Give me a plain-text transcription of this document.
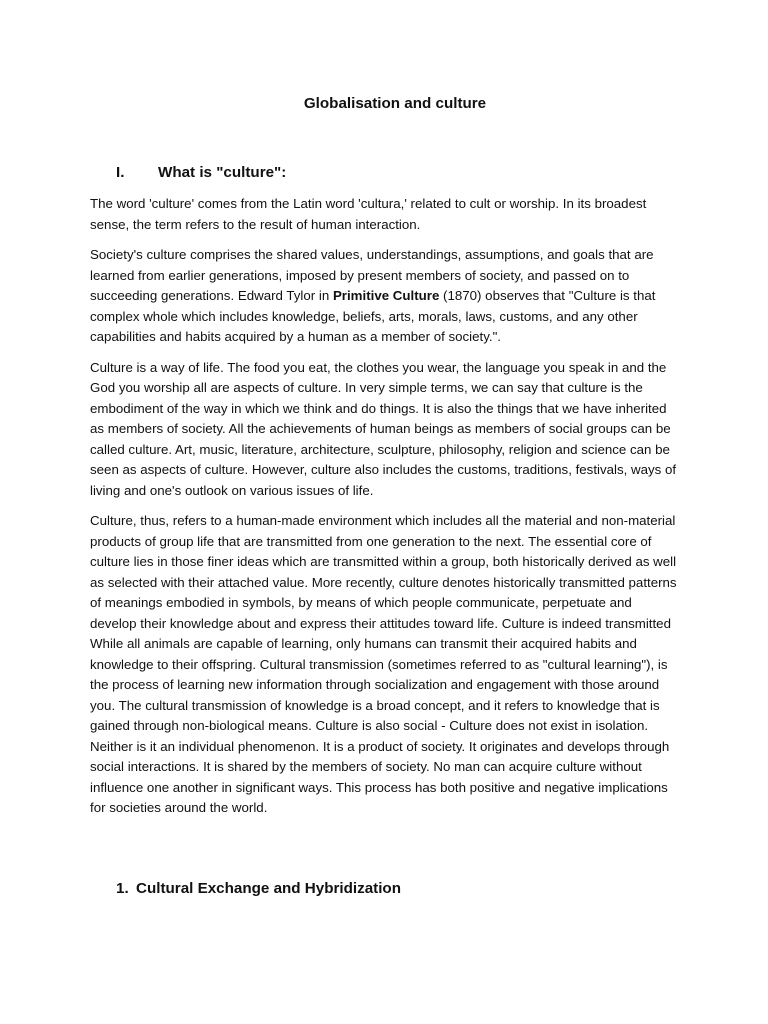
Globalisation and culture
I. What is "culture":

The word 'culture' comes from the Latin word 'cultura,' related to cult or worship. In its broadest sense, the term refers to the result of human interaction.

Society's culture comprises the shared values, understandings, assumptions, and goals that are learned from earlier generations, imposed by present members of society, and passed on to succeeding generations. Edward Tylor in Primitive Culture (1870) observes that "Culture is that complex whole which includes knowledge, beliefs, arts, morals, laws, customs, and any other capabilities and habits acquired by a human as a member of society.".

Culture is a way of life. The food you eat, the clothes you wear, the language you speak in and the God you worship all are aspects of culture. In very simple terms, we can say that culture is the embodiment of the way in which we think and do things. It is also the things that we have inherited as members of society. All the achievements of human beings as members of social groups can be called culture. Art, music, literature, architecture, sculpture, philosophy, religion and science can be seen as aspects of culture. However, culture also includes the customs, traditions, festivals, ways of living and one's outlook on various issues of life.

Culture, thus, refers to a human-made environment which includes all the material and non-material products of group life that are transmitted from one generation to the next. The essential core of culture lies in those finer ideas which are transmitted within a group, both historically derived as well as selected with their attached value. More recently, culture denotes historically transmitted patterns of meanings embodied in symbols, by means of which people communicate, perpetuate and develop their knowledge about and express their attitudes toward life. Culture is indeed transmitted While all animals are capable of learning, only humans can transmit their acquired habits and knowledge to their offspring. Cultural transmission (sometimes referred to as "cultural learning"), is the process of learning new information through socialization and engagement with those around you. The cultural transmission of knowledge is a broad concept, and it refers to knowledge that is gained through non-biological means. Culture is also social - Culture does not exist in isolation. Neither is it an individual phenomenon. It is a product of society. It originates and develops through social interactions. It is shared by the members of society. No man can acquire culture without influence one another in significant ways. This process has both positive and negative implications for societies around the world.

1. Cultural Exchange and Hybridization
